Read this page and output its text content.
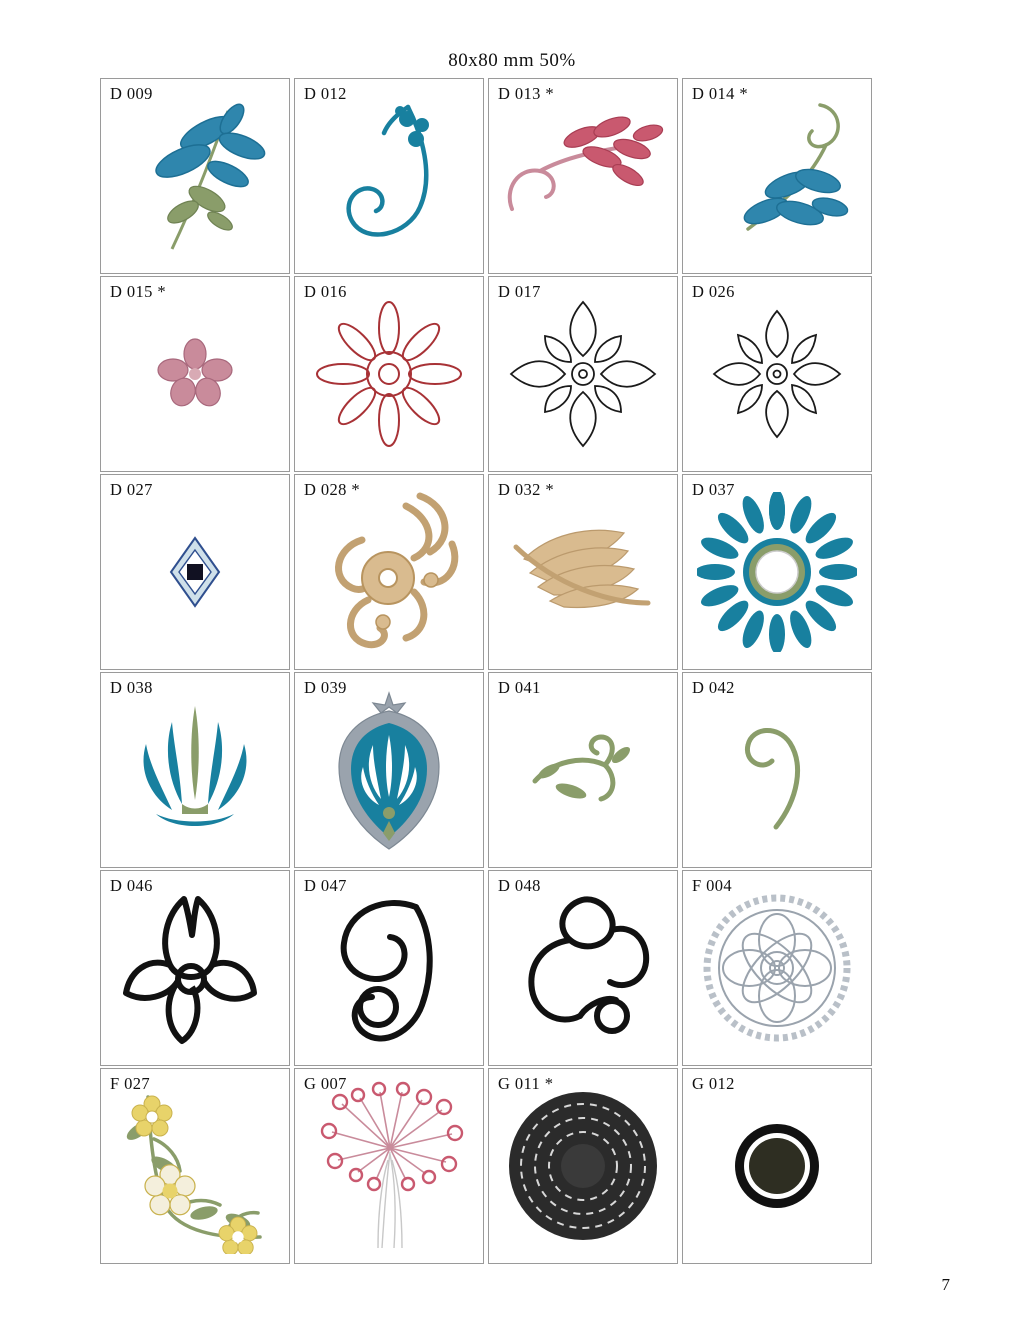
80x80 mm 50%
D 009	D 012	D 013 *	D 014 *
D 015 *	D 016	D 017	D 026
D 027	D 028 *	D 032 *	D 037
D 038	D 039	D 041	D 042
D 046	D 047	D 048	F 004
F 027	G 007	G 011 *	G 012
7
